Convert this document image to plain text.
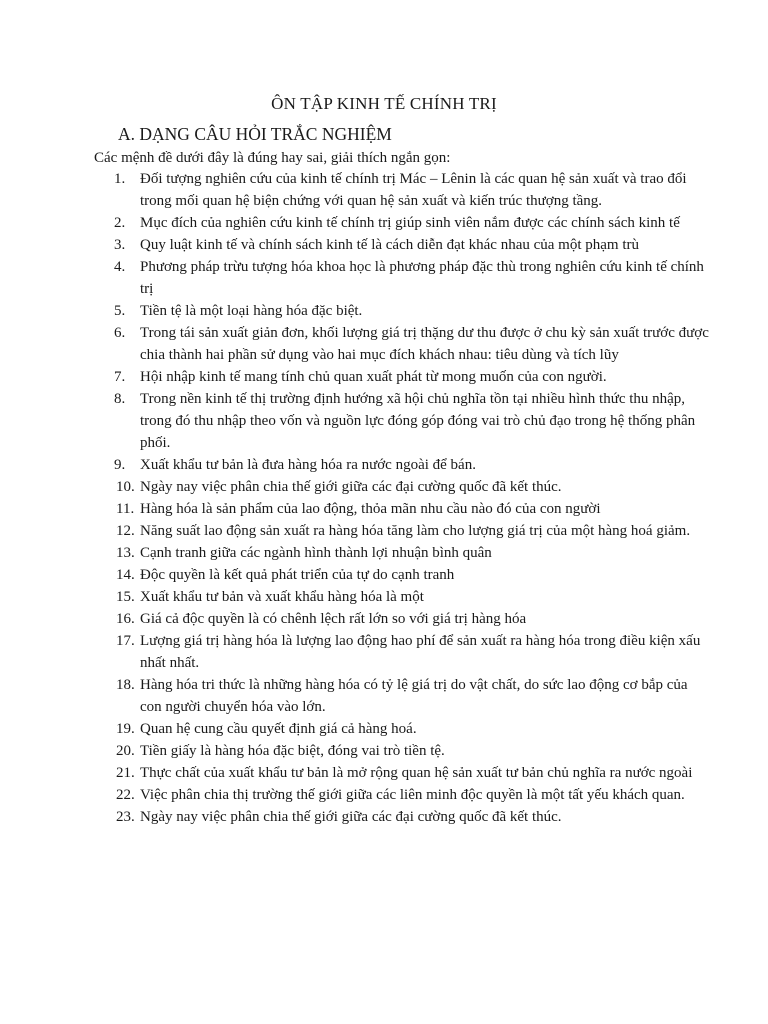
ÔN TẬP KINH TẾ CHÍNH TRỊ
A. DẠNG CÂU HỎI TRẮC NGHIỆM
Các mệnh đề dưới đây là đúng hay sai, giải thích ngắn gọn:
1. Đối tượng nghiên cứu của kinh tế chính trị Mác – Lênin là các quan hệ sản xuất và trao đổi trong mối quan hệ biện chứng với quan hệ sản xuất và kiến trúc thượng tầng.
2. Mục đích của nghiên cứu kinh tế chính trị giúp sinh viên nắm được các chính sách kinh tế
3. Quy luật kinh tế và chính sách kinh tế là cách diễn đạt khác nhau của một phạm trù
4. Phương pháp trừu tượng hóa khoa học là phương pháp đặc thù trong nghiên cứu kinh tế chính trị
5. Tiền tệ là một loại hàng hóa đặc biệt.
6. Trong tái sản xuất giản đơn, khối lượng giá trị thặng dư thu được ở chu kỳ sản xuất trước được chia thành hai phần sử dụng vào hai mục đích khách nhau: tiêu dùng và tích lũy
7. Hội nhập kinh tế mang tính chủ quan xuất phát từ mong muốn của con người.
8. Trong nền kinh tế thị trường định hướng xã hội chủ nghĩa tồn tại nhiều hình thức thu nhập, trong đó thu nhập theo vốn và nguồn lực đóng góp đóng vai trò chủ đạo trong hệ thống phân phối.
9. Xuất khẩu tư bản là đưa hàng hóa ra nước ngoài để bán.
10. Ngày nay việc phân chia thế giới giữa các đại cường quốc đã kết thúc.
11. Hàng hóa là sản phẩm của lao động, thỏa mãn nhu cầu nào đó của con người
12. Năng suất lao động sản xuất ra hàng hóa tăng làm cho lượng giá trị của một hàng hoá giảm.
13. Cạnh tranh giữa các ngành hình thành lợi nhuận bình quân
14. Độc quyền là kết quả phát triển của tự do cạnh tranh
15. Xuất khẩu tư bản và xuất khẩu hàng hóa là một
16. Giá cả độc quyền là có chênh lệch rất lớn so với giá trị hàng hóa
17. Lượng giá trị hàng hóa là lượng lao động hao phí để sản xuất ra hàng hóa trong điều kiện xấu nhất nhất.
18. Hàng hóa tri thức là những hàng hóa có tỷ lệ giá trị do vật chất, do sức lao động cơ bắp của con người chuyển hóa vào lớn.
19. Quan hệ cung cầu quyết định giá cả hàng hoá.
20. Tiền giấy là hàng hóa đặc biệt, đóng vai trò tiền tệ.
21. Thực chất của xuất khẩu tư bản là mở rộng quan hệ sản xuất tư bản chủ nghĩa ra nước ngoài
22. Việc phân chia thị trường thế giới giữa các liên minh độc quyền là một tất yếu khách quan.
23. Ngày nay việc phân chia thế giới giữa các đại cường quốc đã kết thúc.
